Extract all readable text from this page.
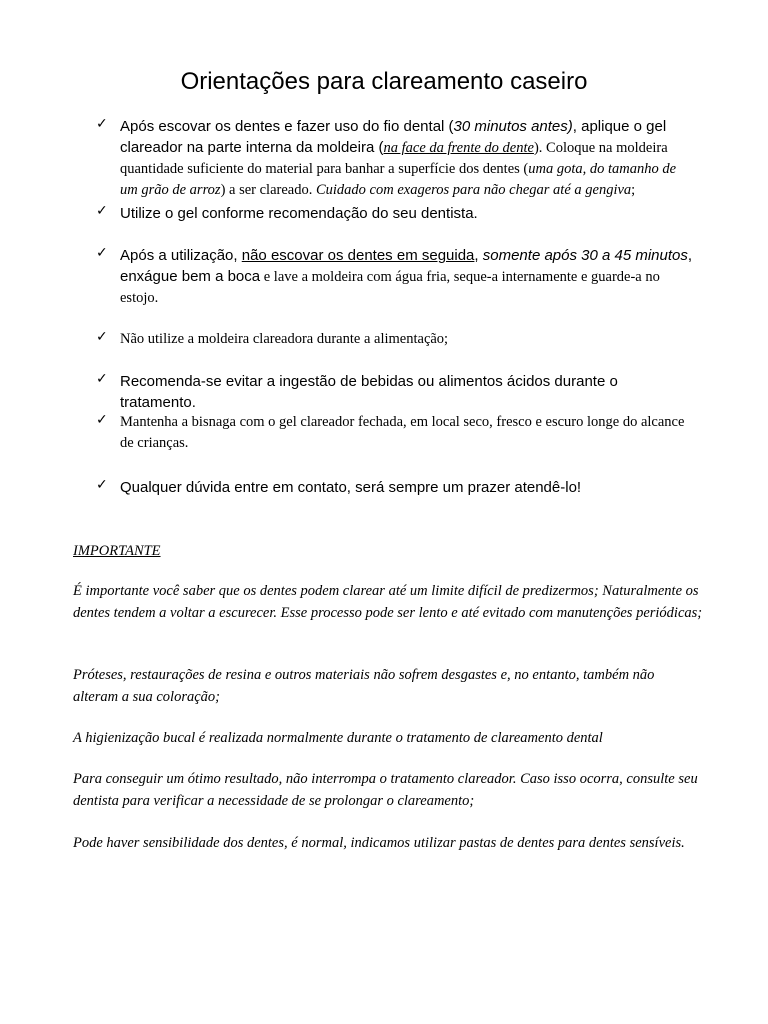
Orientações para clareamento caseiro
✓ Após escovar os dentes e fazer uso do fio dental (30 minutos antes), aplique o gel clareador na parte interna da moldeira (na face da frente do dente). Coloque na moldeira quantidade suficiente do material para banhar a superfície dos dentes (uma gota, do tamanho de um grão de arroz) a ser clareado. Cuidado com exageros para não chegar até a gengiva;
✓ Utilize o gel conforme recomendação do seu dentista.
✓ Após a utilização, não escovar os dentes em seguida, somente após 30 a 45 minutos, enxágue bem a boca e lave a moldeira com água fria, seque-a internamente e guarde-a no estojo.
✓ Não utilize a moldeira clareadora durante a alimentação;
✓ Recomenda-se evitar a ingestão de bebidas ou alimentos ácidos durante o tratamento.
✓ Mantenha a bisnaga com o gel clareador fechada, em local seco, fresco e escuro longe do alcance de crianças.
✓ Qualquer dúvida entre em contato, será sempre um prazer atendê-lo!
IMPORTANTE
É importante você saber que os dentes podem clarear até um limite difícil de predizermos; Naturalmente os dentes tendem a voltar a escurecer. Esse processo pode ser lento e até evitado com manutenções periódicas;
Próteses, restaurações de resina e outros materiais não sofrem desgastes e, no entanto, também não alteram a sua coloração;
A higienização bucal é realizada normalmente durante o tratamento de clareamento dental
Para conseguir um ótimo resultado, não interrompa o tratamento clareador. Caso isso ocorra, consulte seu dentista para verificar a necessidade de se prolongar o clareamento;
Pode haver sensibilidade dos dentes, é normal, indicamos utilizar pastas de dentes para dentes sensíveis.
